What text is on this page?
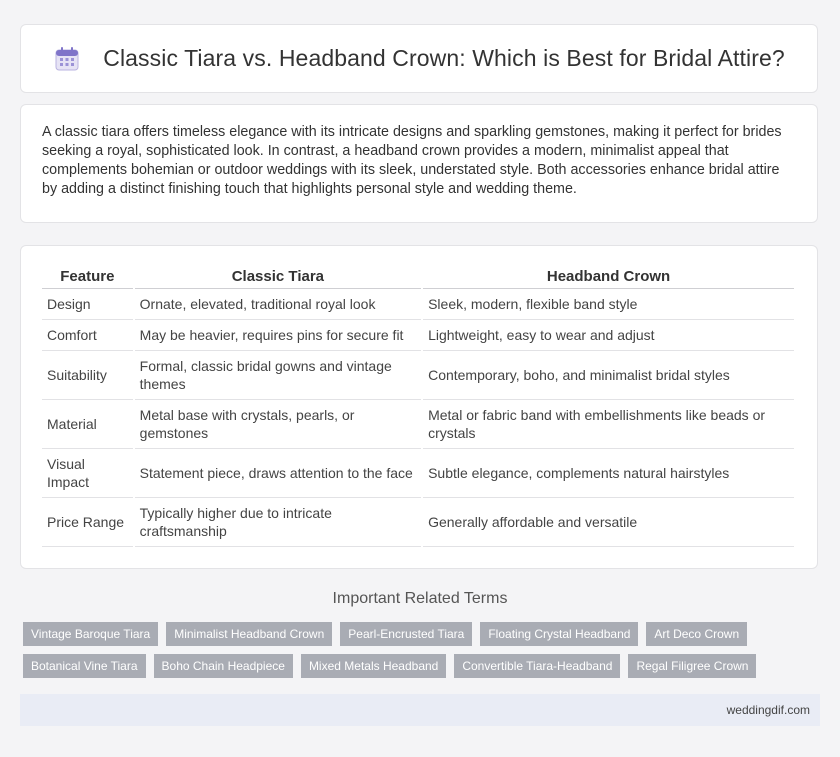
Classic Tiara vs. Headband Crown: Which is Best for Bridal Attire?

A classic tiara offers timeless elegance with its intricate designs and sparkling gemstones, making it perfect for brides seeking a royal, sophisticated look. In contrast, a headband crown provides a modern, minimalist appeal that complements bohemian or outdoor weddings with its sleek, understated style. Both accessories enhance bridal attire by adding a distinct finishing touch that highlights personal style and wedding theme.

Feature	Classic Tiara	Headband Crown
Design	Ornate, elevated, traditional royal look	Sleek, modern, flexible band style
Comfort	May be heavier, requires pins for secure fit	Lightweight, easy to wear and adjust
Suitability	Formal, classic bridal gowns and vintage themes	Contemporary, boho, and minimalist bridal styles
Material	Metal base with crystals, pearls, or gemstones	Metal or fabric band with embellishments like beads or crystals
Visual Impact	Statement piece, draws attention to the face	Subtle elegance, complements natural hairstyles
Price Range	Typically higher due to intricate craftsmanship	Generally affordable and versatile
Important Related Terms
Vintage Baroque Tiara	Minimalist Headband Crown	Pearl-Encrusted Tiara	Floating Crystal Headband	Art Deco Crown
Botanical Vine Tiara	Boho Chain Headpiece	Mixed Metals Headband	Convertible Tiara-Headband	Regal Filigree Crown
weddingdif.com
